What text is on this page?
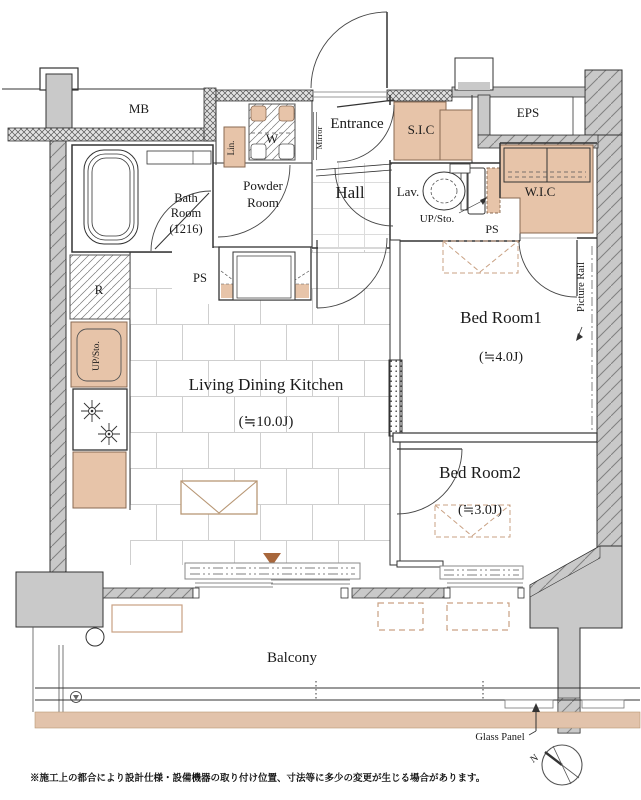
MB	EPS
Entrance S.I.C
Mirror
Bath
Room
(1216)
Powder
Room
Lin.
W
Hall Lav.
UP/Sto.
PS
W.I.C
Picture Rail
Bed Room1
(≒4.0J)
Bed Room2
(≒3.0J)
Living Dining Kitchen
(≒10.0J)
R
UP/Sto.
PS
Balcony
Glass Panel
N
※施工上の都合により設計仕様・設備機器の取り付け位置、寸法等に多少の変更が生じる場合があります。
